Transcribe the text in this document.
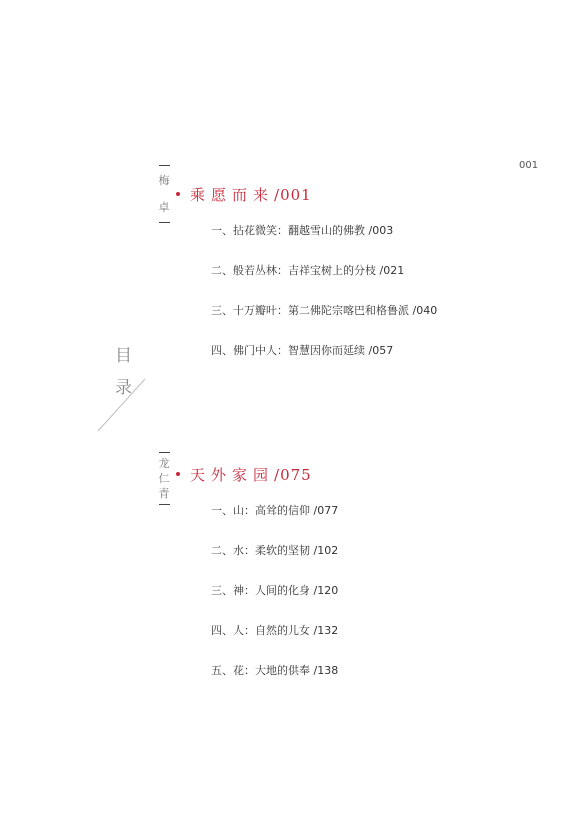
001
目
录
梅卓
乘愿而来/001
一、拈花微笑：翻越雪山的佛教 /003
二、般若丛林：吉祥宝树上的分枝 /021
三、十万瓣叶：第二佛陀宗喀巴和格鲁派 /040
四、佛门中人：智慧因你而延续 /057
龙仁青
天外家园/075
一、山：高耸的信仰 /077
二、水：柔软的坚韧 /102
三、神：人间的化身 /120
四、人：自然的儿女 /132
五、花：大地的供奉 /138
